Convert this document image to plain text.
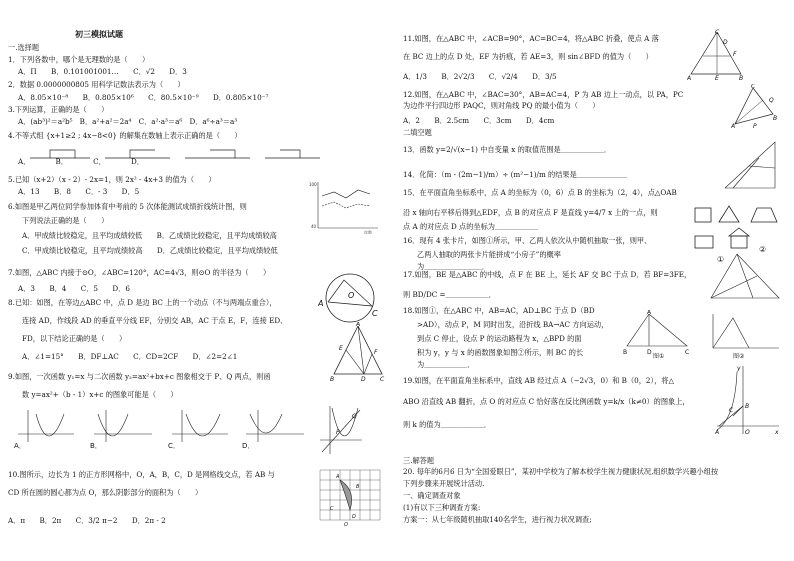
初三模拟试题
一.选择题
1．下列各数中，哪个是无理数的是（　　）
A．Π　　B．0.101001001…　　C．√2　　D．3
2．数据 0.0000000805 用科学记数法表示为（　　）
A．8.05×10⁻⁸　　B．0.805×10⁶　　C．80.5×10⁻⁹　　D．0.805×10⁻⁷
3.下列运算，正确的是（　　）
A．(ab³)²＝a²b⁵　B．a²+a²＝2a⁴　C．a²·a³＝a⁶　D．a⁶÷a³＝a³
4.不等式组 {x+1≥2 ; 4x−8<0} 的解集在数轴上表示正确的是（　　）
A．　　　　B．　　　　C．　　　　D．
5.已知（x+2）（x - 2）- 2x=1，则 2x² - 4x+3 的值为（　　）
A．13　　B．8　　C．- 3　　D．5
6.如图是甲乙两位同学参加体育中考前的 5 次体能测试成绩折线统计图，则
下列说法正确的是（　　）
A．甲成绩比较稳定，且平均成绩较低　　B．乙成绩比较稳定，且平均成绩较高
C．甲成绩比较稳定，且平均成绩较高　　D．乙成绩比较稳定，且平均成绩较低
100
40
次数
7.如图，△ABC 内接于⊙O，∠ABC=120°，AC=4√3，则⊙O 的半径为（　　）
A．3　　B．4　　C．5　　D．6
A
O
C
8.已知：如图，在等边△ABC 中，点 D 是边 BC 上的一个动点（不与两端点重合），
连接 AD，作线段 AD 的垂直平分线 EF，分别交 AB，AC 于点 E，F，连接 ED、
FD，以下结论正确的是（　　）
A．∠1=15°　　B．DF⊥AC　　C．CD=2CF　　D．∠2=2∠1
A
E
F
B	D C
9.如图，一次函数 y₁=x 与二次函数 y₂=ax²+bx+c 图象相交于 P、Q 两点，则函
数 y=ax²+（b - 1）x+c 的图象可能是（　　）
A．	B．	C．	D．
P
Q
10.图所示，边长为 1 的正方形网格中，O，A，B，C，D 是网格线交点，若 AB 与
CD 所在圆的圆心都为点 O，那么阴影部分的面积为（　　）
A．π　　B．2π　　C．3/2 π−2　　D．2π - 2
A
B
C
D
O
11.如图，在△ABC 中，∠ACB=90°，AC=BC=4，将△ABC 折叠，使点 A 落
在 BC 边上的点 D 处，EF 为折痕，若 AE=3，则 sin∠BFD 的值为（　　）
A．1/3　　B．2√2/3　　C．√2/4　　D．3/5
C
D
A	E
F
B
12.如图，在△ABC 中，∠BAC=30°，AB=AC=4，P 为 AB 边上一动点，以 PA，PC
为边作平行四边形 PAQC，则对角线 PQ 的最小值为（　　）
A．2　　B．2.5cm　　C．3cm　　D．4cm
C
Q
A	P
B
二填空题
13．函数 y=2/√(x−1) 中自变量 x 的取值范围是＿＿＿＿＿＿．
14．化简：（m - (2m−1)/m）÷ (m²−1)/m 的结果是＿＿＿＿＿＿＿
15．在平面直角坐标系中，点 A 的坐标为（0，6）点 B 的坐标为（2，4），点△OAB
沿 x 轴向右平移后得到△EDF，点 B 的对应点 F 是直线 y=4/7 x 上的一点，则
点 A 的对应点 D 点的坐标为＿＿＿＿＿＿
16．现有 4 张卡片，如图①所示，甲、乙两人依次从中随机抽取一张，则甲、
乙两人抽取的两张卡片能拼成“小房子”的概率
为＿＿＿＿＿＿＿＿．
①
②
17.如图，BE 是△ABC 的中线，点 F 在 BE 上，延长 AF 交 BC 于点 D．若 BF=3FE，
则 BD/DC =＿＿＿＿＿＿．
18.如图①，在△ABC 中，AB=AC，AD⊥BC 于点 D（BD
>AD），动点 P，M 同时出发，沿折线 BA→AC 方向运动，
到点 C 停止，设点 P 的运动路程为 x，△BPD 的面
积为 y，y 与 x 的函数图象如图②所示，则 BC 的长
为＿＿＿＿＿＿．
A
B	D	C
图①	图②
19.如图，在平面直角坐标系中，直线 AB 经过点 A（−2√3，0）和 B（0，2），将△
ABO 沿直线 AB 翻折，点 O 的对应点 C 恰好落在反比例函数 y=k/x（k≠0）的图象上，
则 k 的值为＿＿＿＿＿＿．
y
C
B
A	O	x
三.解答题
20. 每年的6月6 日为“全国爱眼日”，某初中学校为了解本校学生视力健康状况,组织数学兴趣小组按
下列步骤来开展统计活动.
一、确定调查对象
(1)有以下三种调查方案:
方案一：从七年级随机抽取140名学生，进行视力状况调查;
